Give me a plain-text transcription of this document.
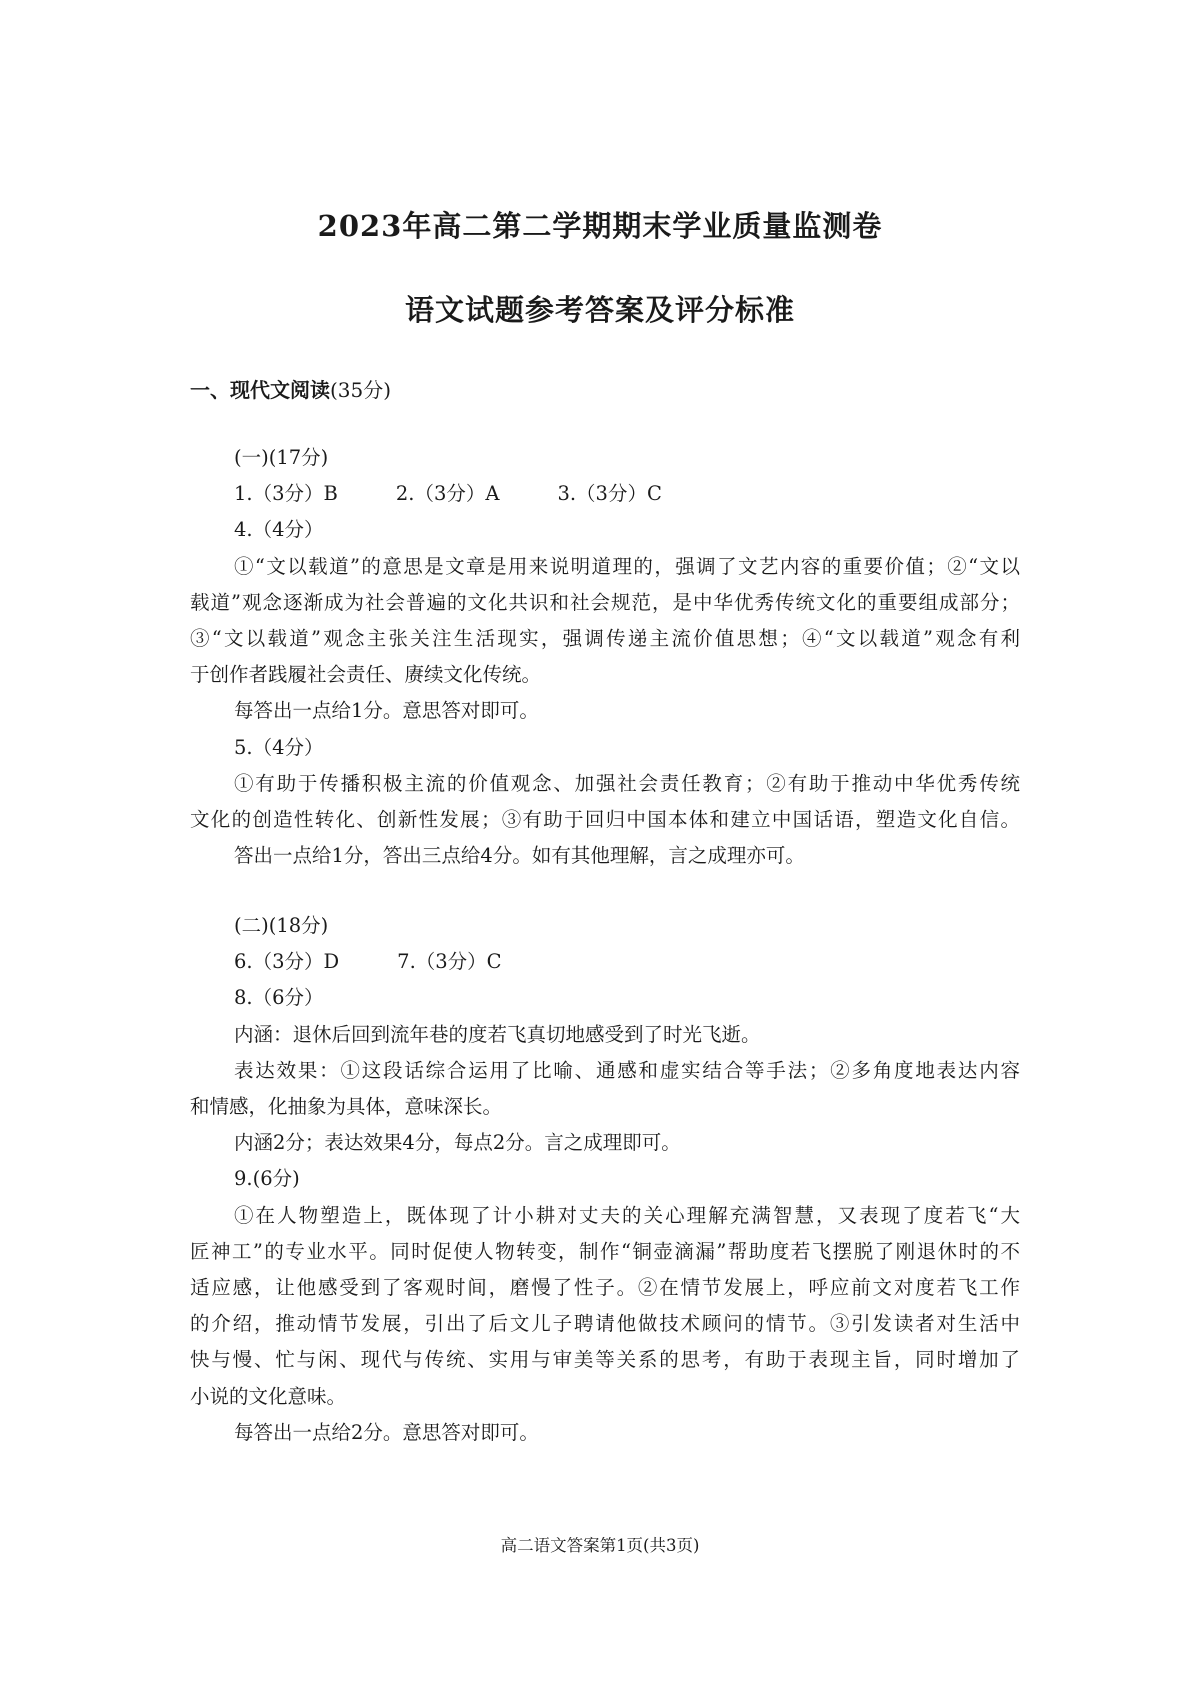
2023年高二第二学期期末学业质量监测卷
语文试题参考答案及评分标准
一、现代文阅读(35分)
(一)(17分)
1.（3分）B	2.（3分）A	3.（3分）C
4.（4分）
①“文以载道”的意思是文章是用来说明道理的，强调了文艺内容的重要价值；②“文以
载道”观念逐渐成为社会普遍的文化共识和社会规范，是中华优秀传统文化的重要组成部分；
③“文以载道”观念主张关注生活现实，强调传递主流价值思想；④“文以载道”观念有利
于创作者践履社会责任、赓续文化传统。
每答出一点给1分。意思答对即可。
5.（4分）
①有助于传播积极主流的价值观念、加强社会责任教育；②有助于推动中华优秀传统
文化的创造性转化、创新性发展；③有助于回归中国本体和建立中国话语，塑造文化自信。
答出一点给1分，答出三点给4分。如有其他理解，言之成理亦可。
(二)(18分)
6.（3分）D	7.（3分）C
8.（6分）
内涵：退休后回到流年巷的度若飞真切地感受到了时光飞逝。
表达效果：①这段话综合运用了比喻、通感和虚实结合等手法；②多角度地表达内容
和情感，化抽象为具体，意味深长。
内涵2分；表达效果4分，每点2分。言之成理即可。
9.(6分)
①在人物塑造上，既体现了计小耕对丈夫的关心理解充满智慧，又表现了度若飞“大
匠神工”的专业水平。同时促使人物转变，制作“铜壶滴漏”帮助度若飞摆脱了刚退休时的不
适应感，让他感受到了客观时间，磨慢了性子。②在情节发展上，呼应前文对度若飞工作
的介绍，推动情节发展，引出了后文儿子聘请他做技术顾问的情节。③引发读者对生活中
快与慢、忙与闲、现代与传统、实用与审美等关系的思考，有助于表现主旨，同时增加了
小说的文化意味。
每答出一点给2分。意思答对即可。
高二语文答案第1页(共3页)
